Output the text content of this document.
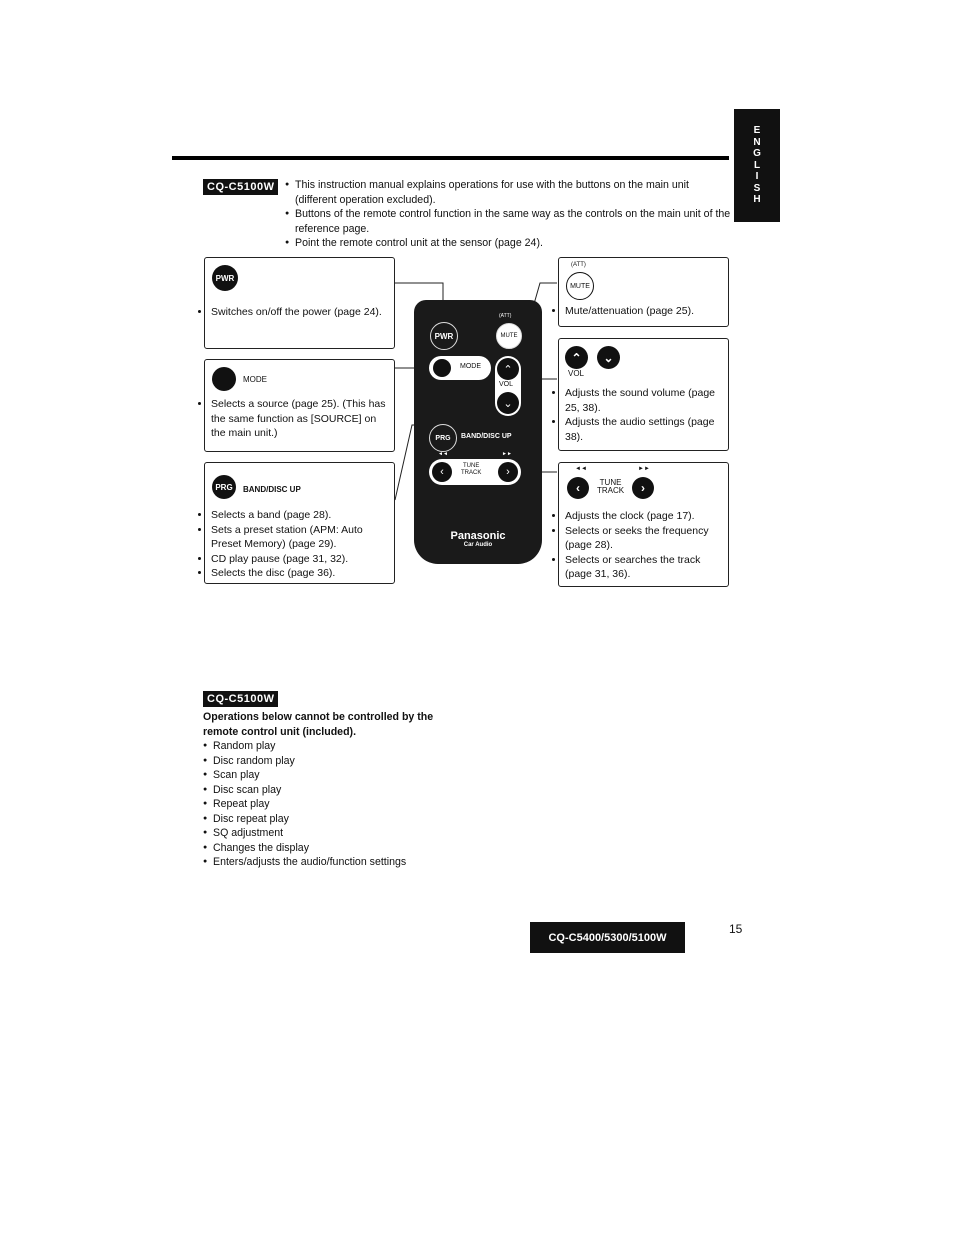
E
N
G
L
I
S
H
CQ-C5100W
●	This instruction manual explains operations for use with the buttons on the main unit (different operation excluded).
● Buttons of the remote control function in the same way as the controls on the main unit of the reference page.
● Point the remote control unit at the sensor (page 24).
PWR
• Switches on/off the power (page 24).
MODE
• Selects a source (page 25). (This has the same function as [SOURCE] on the main unit.)
PRG	BAND/DISC UP
• Selects a band (page 28).
• Sets a preset station (APM: Auto Preset Memory) (page 29).
• CD play pause (page 31, 32).
• Selects the disc (page 36).
(ATT)
MUTE
• Mute/attenuation (page 25).
⌃	⌄
VOL
• Adjusts the sound volume (page 25, 38).
• Adjusts the audio settings (page 38).
◄◄	►►
‹	TUNE
TRACK	›
• Adjusts the clock (page 17).
• Selects or seeks the frequency (page 28).
• Selects or searches the track (page 31, 36).
PWR
(ATT)
MUTE
MODE	⌃
VOL
⌄
PRG	BAND/DISC UP
◄◄	►►
‹	TUNE
TRACK	›
Panasonic
Car Audio
CQ-C5100W
Operations below cannot be controlled by the remote control unit (included).
● Random play
● Disc random play
● Scan play
● Disc scan play
● Repeat play
● Disc repeat play
● SQ adjustment
● Changes the display
● Enters/adjusts the audio/function settings
CQ-C5400/5300/5100W
15
